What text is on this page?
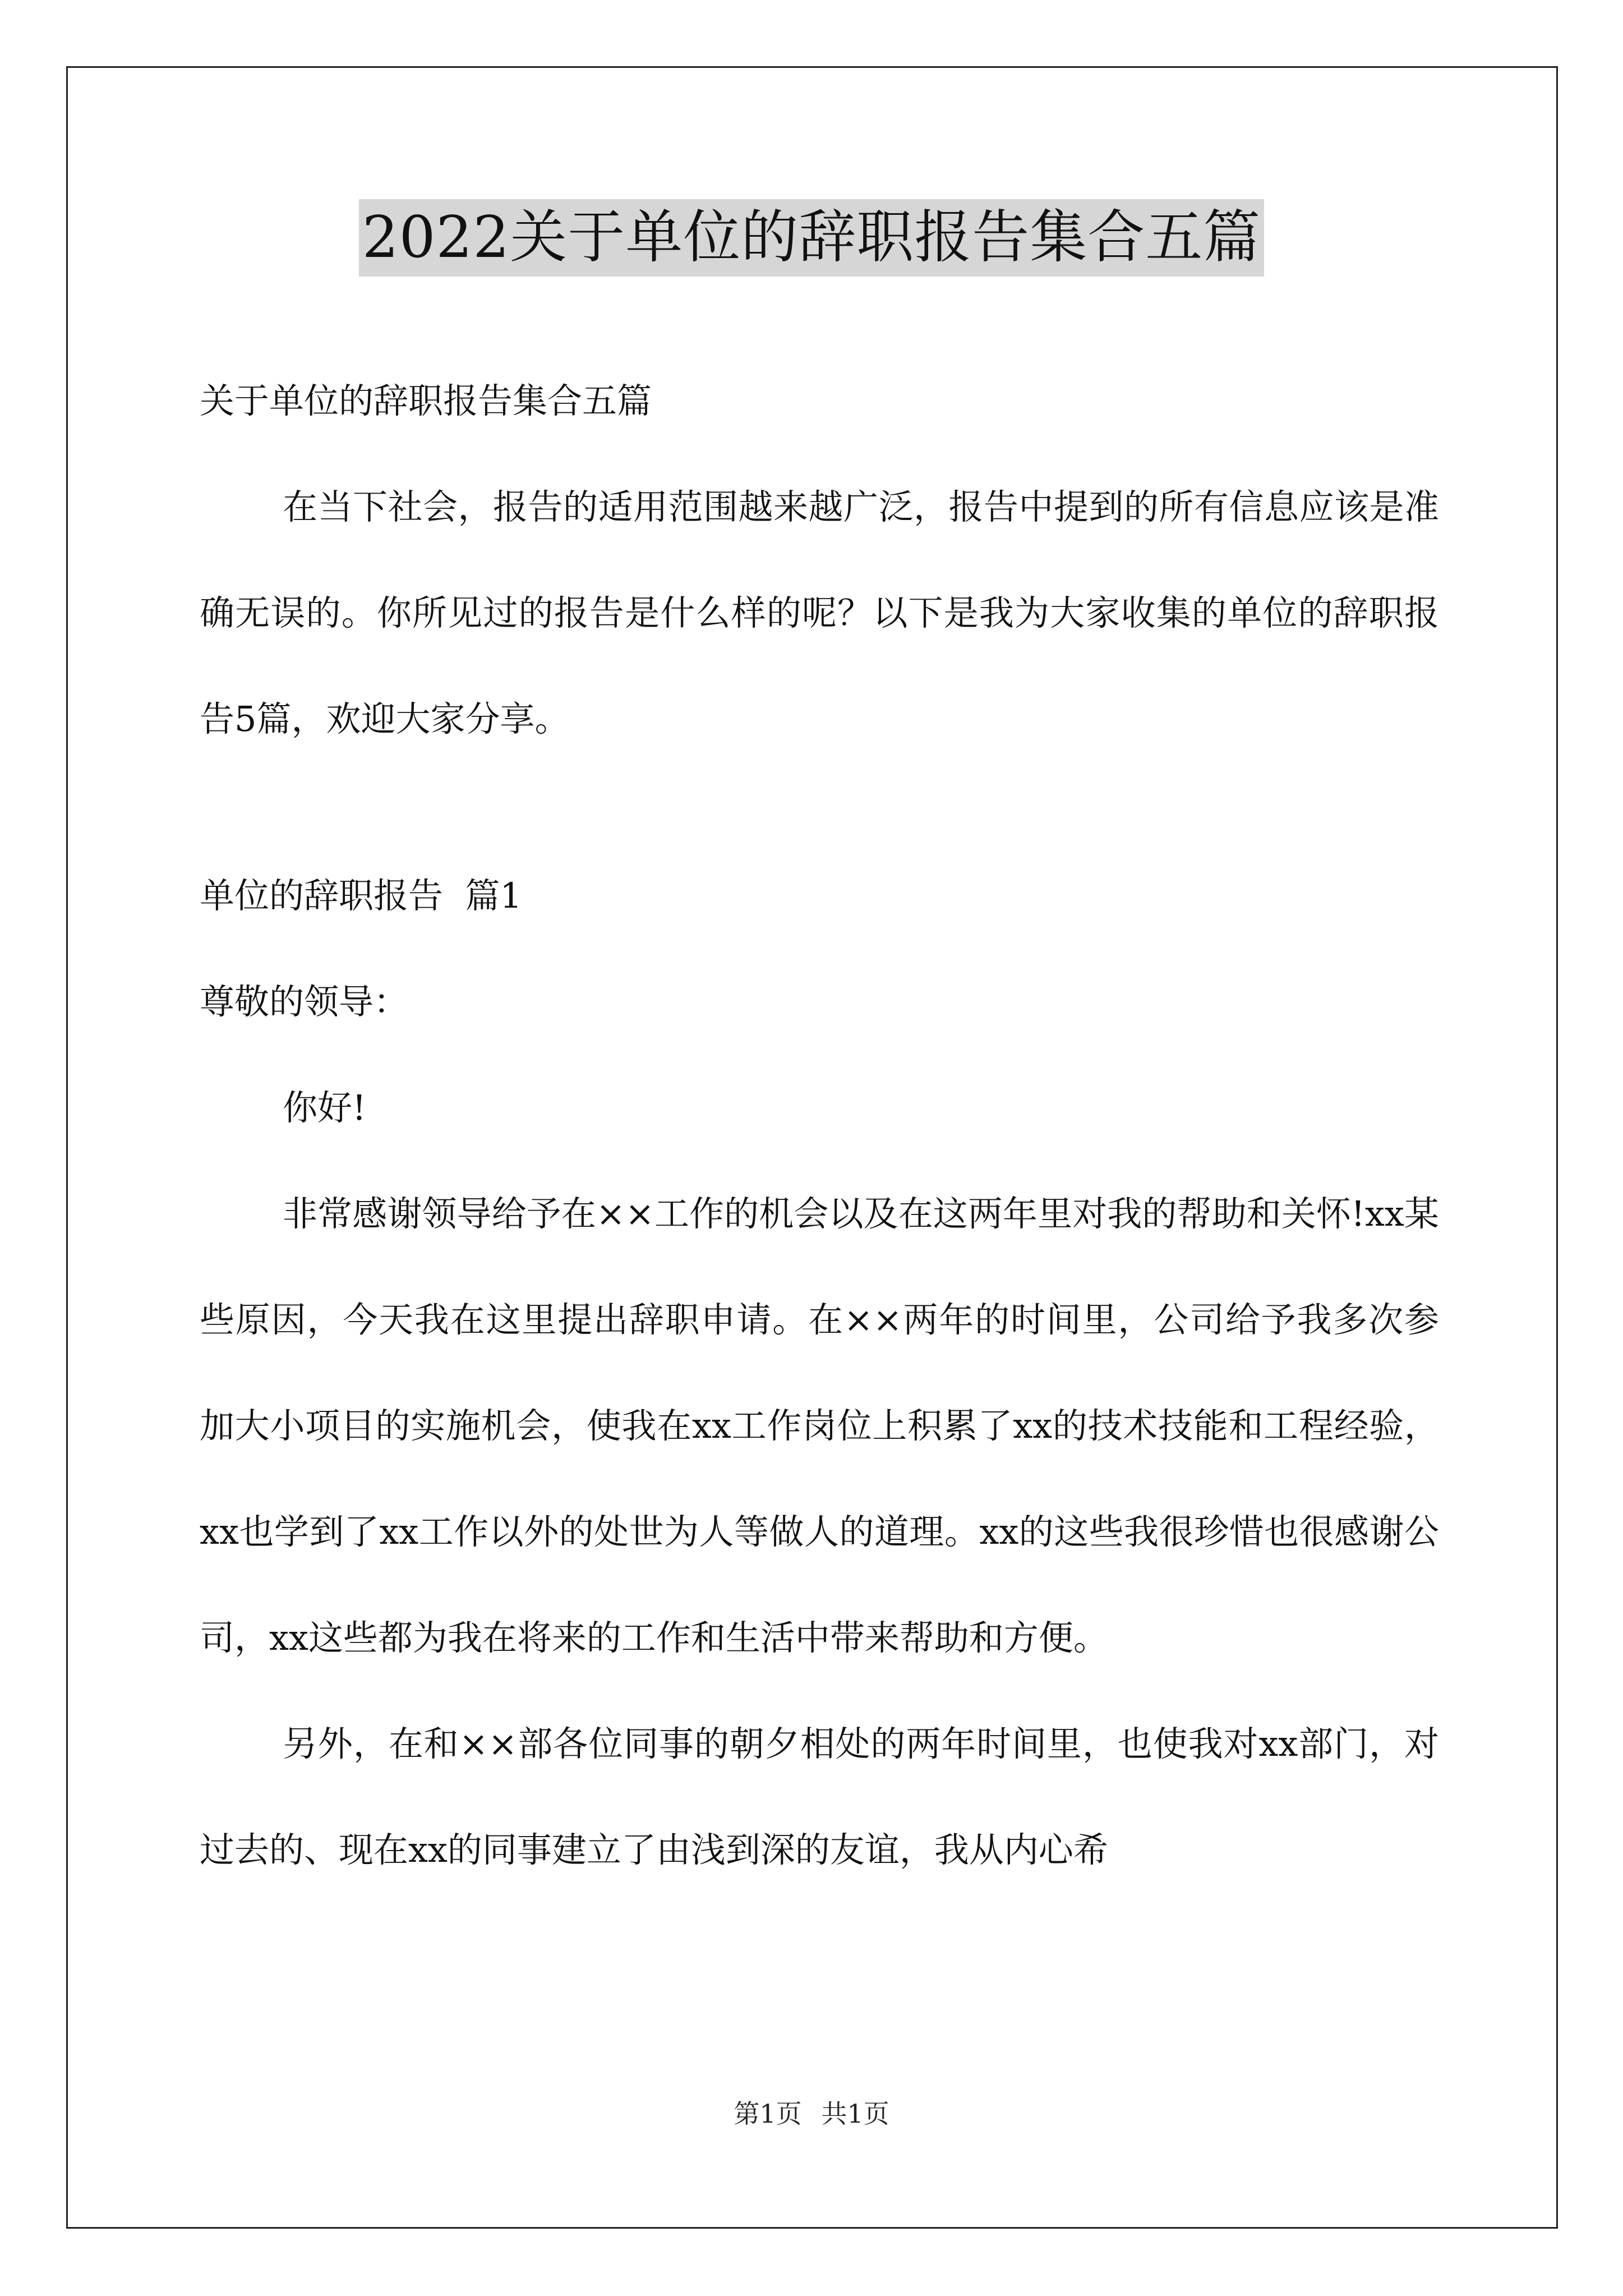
2022关于单位的辞职报告集合五篇

关于单位的辞职报告集合五篇

在当下社会，报告的适用范围越来越广泛，报告中提到的所有信息应该是准确无误的。你所见过的报告是什么样的呢？以下是我为大家收集的单位的辞职报告5篇，欢迎大家分享。

单位的辞职报告  篇1

尊敬的领导：

你好!

非常感谢领导给予在××工作的机会以及在这两年里对我的帮助和关怀!xx某些原因，今天我在这里提出辞职申请。在××两年的时间里，公司给予我多次参加大小项目的实施机会，使我在xx工作岗位上积累了xx的技术技能和工程经验，xx也学到了xx工作以外的处世为人等做人的道理。xx的这些我很珍惜也很感谢公司，xx这些都为我在将来的工作和生活中带来帮助和方便。

另外，在和××部各位同事的朝夕相处的两年时间里，也使我对xx部门，对过去的、现在xx的同事建立了由浅到深的友谊，我从内心希

第1页 共1页
